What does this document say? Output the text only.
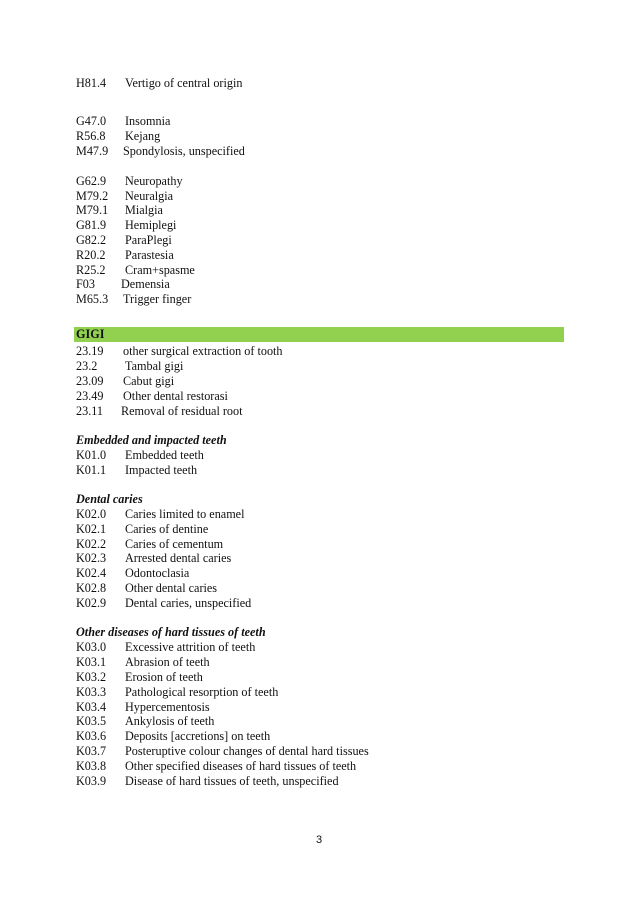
H81.4 Vertigo of central origin
G47.0 Insomnia
R56.8 Kejang
M47.9 Spondylosis, unspecified
G62.9 Neuropathy
M79.2 Neuralgia
M79.1 Mialgia
G81.9 Hemiplegi
G82.2 ParaPlegi
R20.2 Parastesia
R25.2 Cram+spasme
F03 Demensia
M65.3 Trigger finger
GIGI
23.19 other surgical extraction of tooth
23.2 Tambal gigi
23.09 Cabut gigi
23.49 Other dental restorasi
23.11 Removal of residual root
Embedded and impacted teeth
K01.0 Embedded teeth
K01.1 Impacted teeth
Dental caries
K02.0 Caries limited to enamel
K02.1 Caries of dentine
K02.2 Caries of cementum
K02.3 Arrested dental caries
K02.4 Odontoclasia
K02.8 Other dental caries
K02.9 Dental caries, unspecified
Other diseases of hard tissues of teeth
K03.0 Excessive attrition of teeth
K03.1 Abrasion of teeth
K03.2 Erosion of teeth
K03.3 Pathological resorption of teeth
K03.4 Hypercementosis
K03.5 Ankylosis of teeth
K03.6 Deposits [accretions] on teeth
K03.7 Posteruptive colour changes of dental hard tissues
K03.8 Other specified diseases of hard tissues of teeth
K03.9 Disease of hard tissues of teeth, unspecified
3
